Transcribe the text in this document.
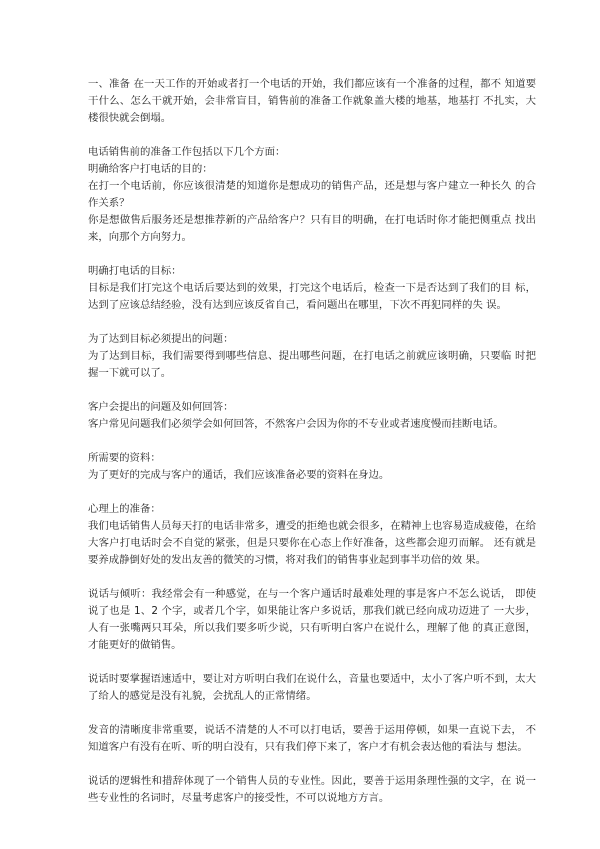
一、准备 在一天工作的开始或者打一个电话的开始，我们都应该有一个准备的过程，都不 知道要干什么、怎么干就开始，会非常盲目，销售前的准备工作就象盖大楼的地基，地基打 不扎实，大楼很快就会倒塌。

电话销售前的准备工作包括以下几个方面：

明确给客户打电话的目的：

在打一个电话前，你应该很清楚的知道你是想成功的销售产品，还是想与客户建立一种长久 的合作关系？

你是想做售后服务还是想推荐新的产品给客户？只有目的明确，在打电话时你才能把侧重点 找出来，向那个方向努力。

明确打电话的目标：

目标是我们打完这个电话后要达到的效果，打完这个电话后，检查一下是否达到了我们的目 标，达到了应该总结经验，没有达到应该反省自己，看问题出在哪里，下次不再犯同样的失 误。

为了达到目标必须提出的问题：

为了达到目标，我们需要得到哪些信息、提出哪些问题，在打电话之前就应该明确，只要临 时把握一下就可以了。

客户会提出的问题及如何回答：

客户常见问题我们必须学会如何回答，不然客户会因为你的不专业或者速度慢而挂断电话。

所需要的资料：

为了更好的完成与客户的通话，我们应该准备必要的资料在身边。

心理上的准备：

我们电话销售人员每天打的电话非常多，遭受的拒绝也就会很多，在精神上也容易造成疲倦，在给大客户打电话时会不自觉的紧张，但是只要你在心态上作好准备，这些都会迎刃而解。 还有就是要养成静倒好处的发出友善的微笑的习惯，将对我们的销售事业起到事半功倍的效 果。

说话与倾听：我经常会有一种感觉，在与一个客户通话时最难处理的事是客户不怎么说话， 即使说了也是 1、2 个字，或者几个字，如果能让客户多说话，那我们就已经向成功迈进了 一大步，人有一张嘴两只耳朵，所以我们要多听少说，只有听明白客户在说什么，理解了他 的真正意图，才能更好的做销售。

说话时要掌握语速适中，要让对方听明白我们在说什么，音量也要适中，太小了客户听不到，太大了给人的感觉是没有礼貌，会扰乱人的正常情绪。

发音的清晰度非常重要，说话不清楚的人不可以打电话，要善于运用停顿，如果一直说下去， 不知道客户有没有在听、听的明白没有，只有我们停下来了，客户才有机会表达他的看法与 想法。

说话的逻辑性和措辞体现了一个销售人员的专业性。因此，要善于运用条理性强的文字，在 说一些专业性的名词时，尽量考虑客户的接受性，不可以说地方方言。
